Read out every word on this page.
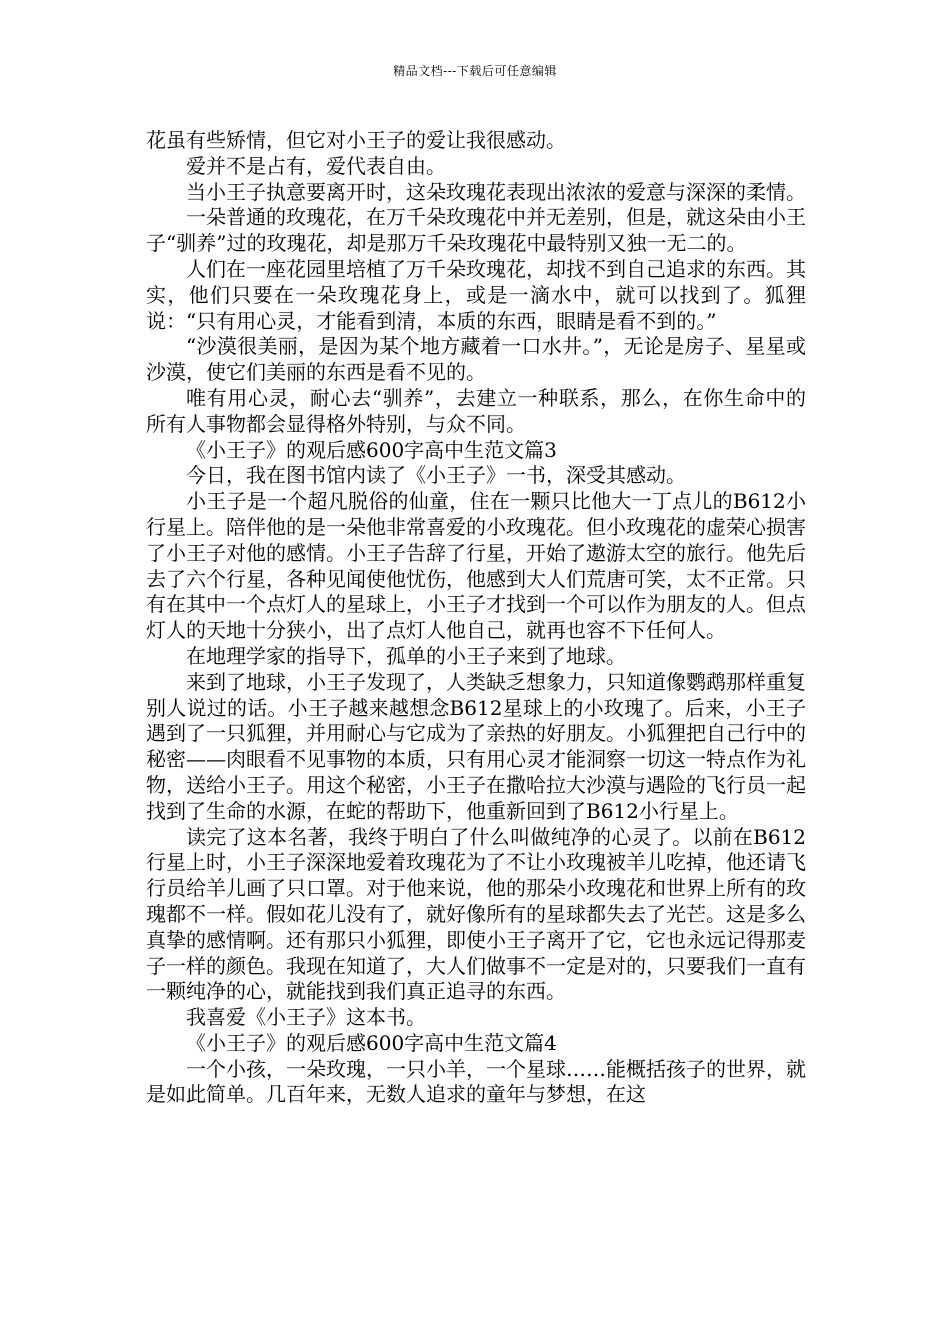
精品文档---下载后可任意编辑

花虽有些矫情，但它对小王子的爱让我很感动。

爱并不是占有，爱代表自由。

当小王子执意要离开时，这朵玫瑰花表现出浓浓的爱意与深深的柔情。

一朵普通的玫瑰花，在万千朵玫瑰花中并无差别，但是，就这朵由小王子“驯养”过的玫瑰花，却是那万千朵玫瑰花中最特别又独一无二的。

人们在一座花园里培植了万千朵玫瑰花，却找不到自己追求的东西。其实，他们只要在一朵玫瑰花身上，或是一滴水中，就可以找到了。狐狸说：“只有用心灵，才能看到清，本质的东西，眼睛是看不到的。”

“沙漠很美丽，是因为某个地方藏着一口水井。”，无论是房子、星星或沙漠，使它们美丽的东西是看不见的。

唯有用心灵，耐心去“驯养”，去建立一种联系，那么，在你生命中的所有人事物都会显得格外特别，与众不同。

《小王子》的观后感600字高中生范文篇3

今日，我在图书馆内读了《小王子》一书，深受其感动。

小王子是一个超凡脱俗的仙童，住在一颗只比他大一丁点儿的B612小行星上。陪伴他的是一朵他非常喜爱的小玫瑰花。但小玫瑰花的虚荣心损害了小王子对他的感情。小王子告辞了行星，开始了遨游太空的旅行。他先后去了六个行星，各种见闻使他忧伤，他感到大人们荒唐可笑，太不正常。只有在其中一个点灯人的星球上，小王子才找到一个可以作为朋友的人。但点灯人的天地十分狭小，出了点灯人他自己，就再也容不下任何人。

在地理学家的指导下，孤单的小王子来到了地球。

来到了地球，小王子发现了，人类缺乏想象力，只知道像鹦鹉那样重复别人说过的话。小王子越来越想念B612星球上的小玫瑰了。后来，小王子遇到了一只狐狸，并用耐心与它成为了亲热的好朋友。小狐狸把自己行中的秘密——肉眼看不见事物的本质，只有用心灵才能洞察一切这一特点作为礼物，送给小王子。用这个秘密，小王子在撒哈拉大沙漠与遇险的飞行员一起找到了生命的水源，在蛇的帮助下，他重新回到了B612小行星上。

读完了这本名著，我终于明白了什么叫做纯净的心灵了。以前在B612行星上时，小王子深深地爱着玫瑰花为了不让小玫瑰被羊儿吃掉，他还请飞行员给羊儿画了只口罩。对于他来说，他的那朵小玫瑰花和世界上所有的玫瑰都不一样。假如花儿没有了，就好像所有的星球都失去了光芒。这是多么真挚的感情啊。还有那只小狐狸，即使小王子离开了它，它也永远记得那麦子一样的颜色。我现在知道了，大人们做事不一定是对的，只要我们一直有一颗纯净的心，就能找到我们真正追寻的东西。

我喜爱《小王子》这本书。

《小王子》的观后感600字高中生范文篇4

一个小孩，一朵玫瑰，一只小羊，一个星球……能概括孩子的世界，就是如此简单。几百年来，无数人追求的童年与梦想，在这
